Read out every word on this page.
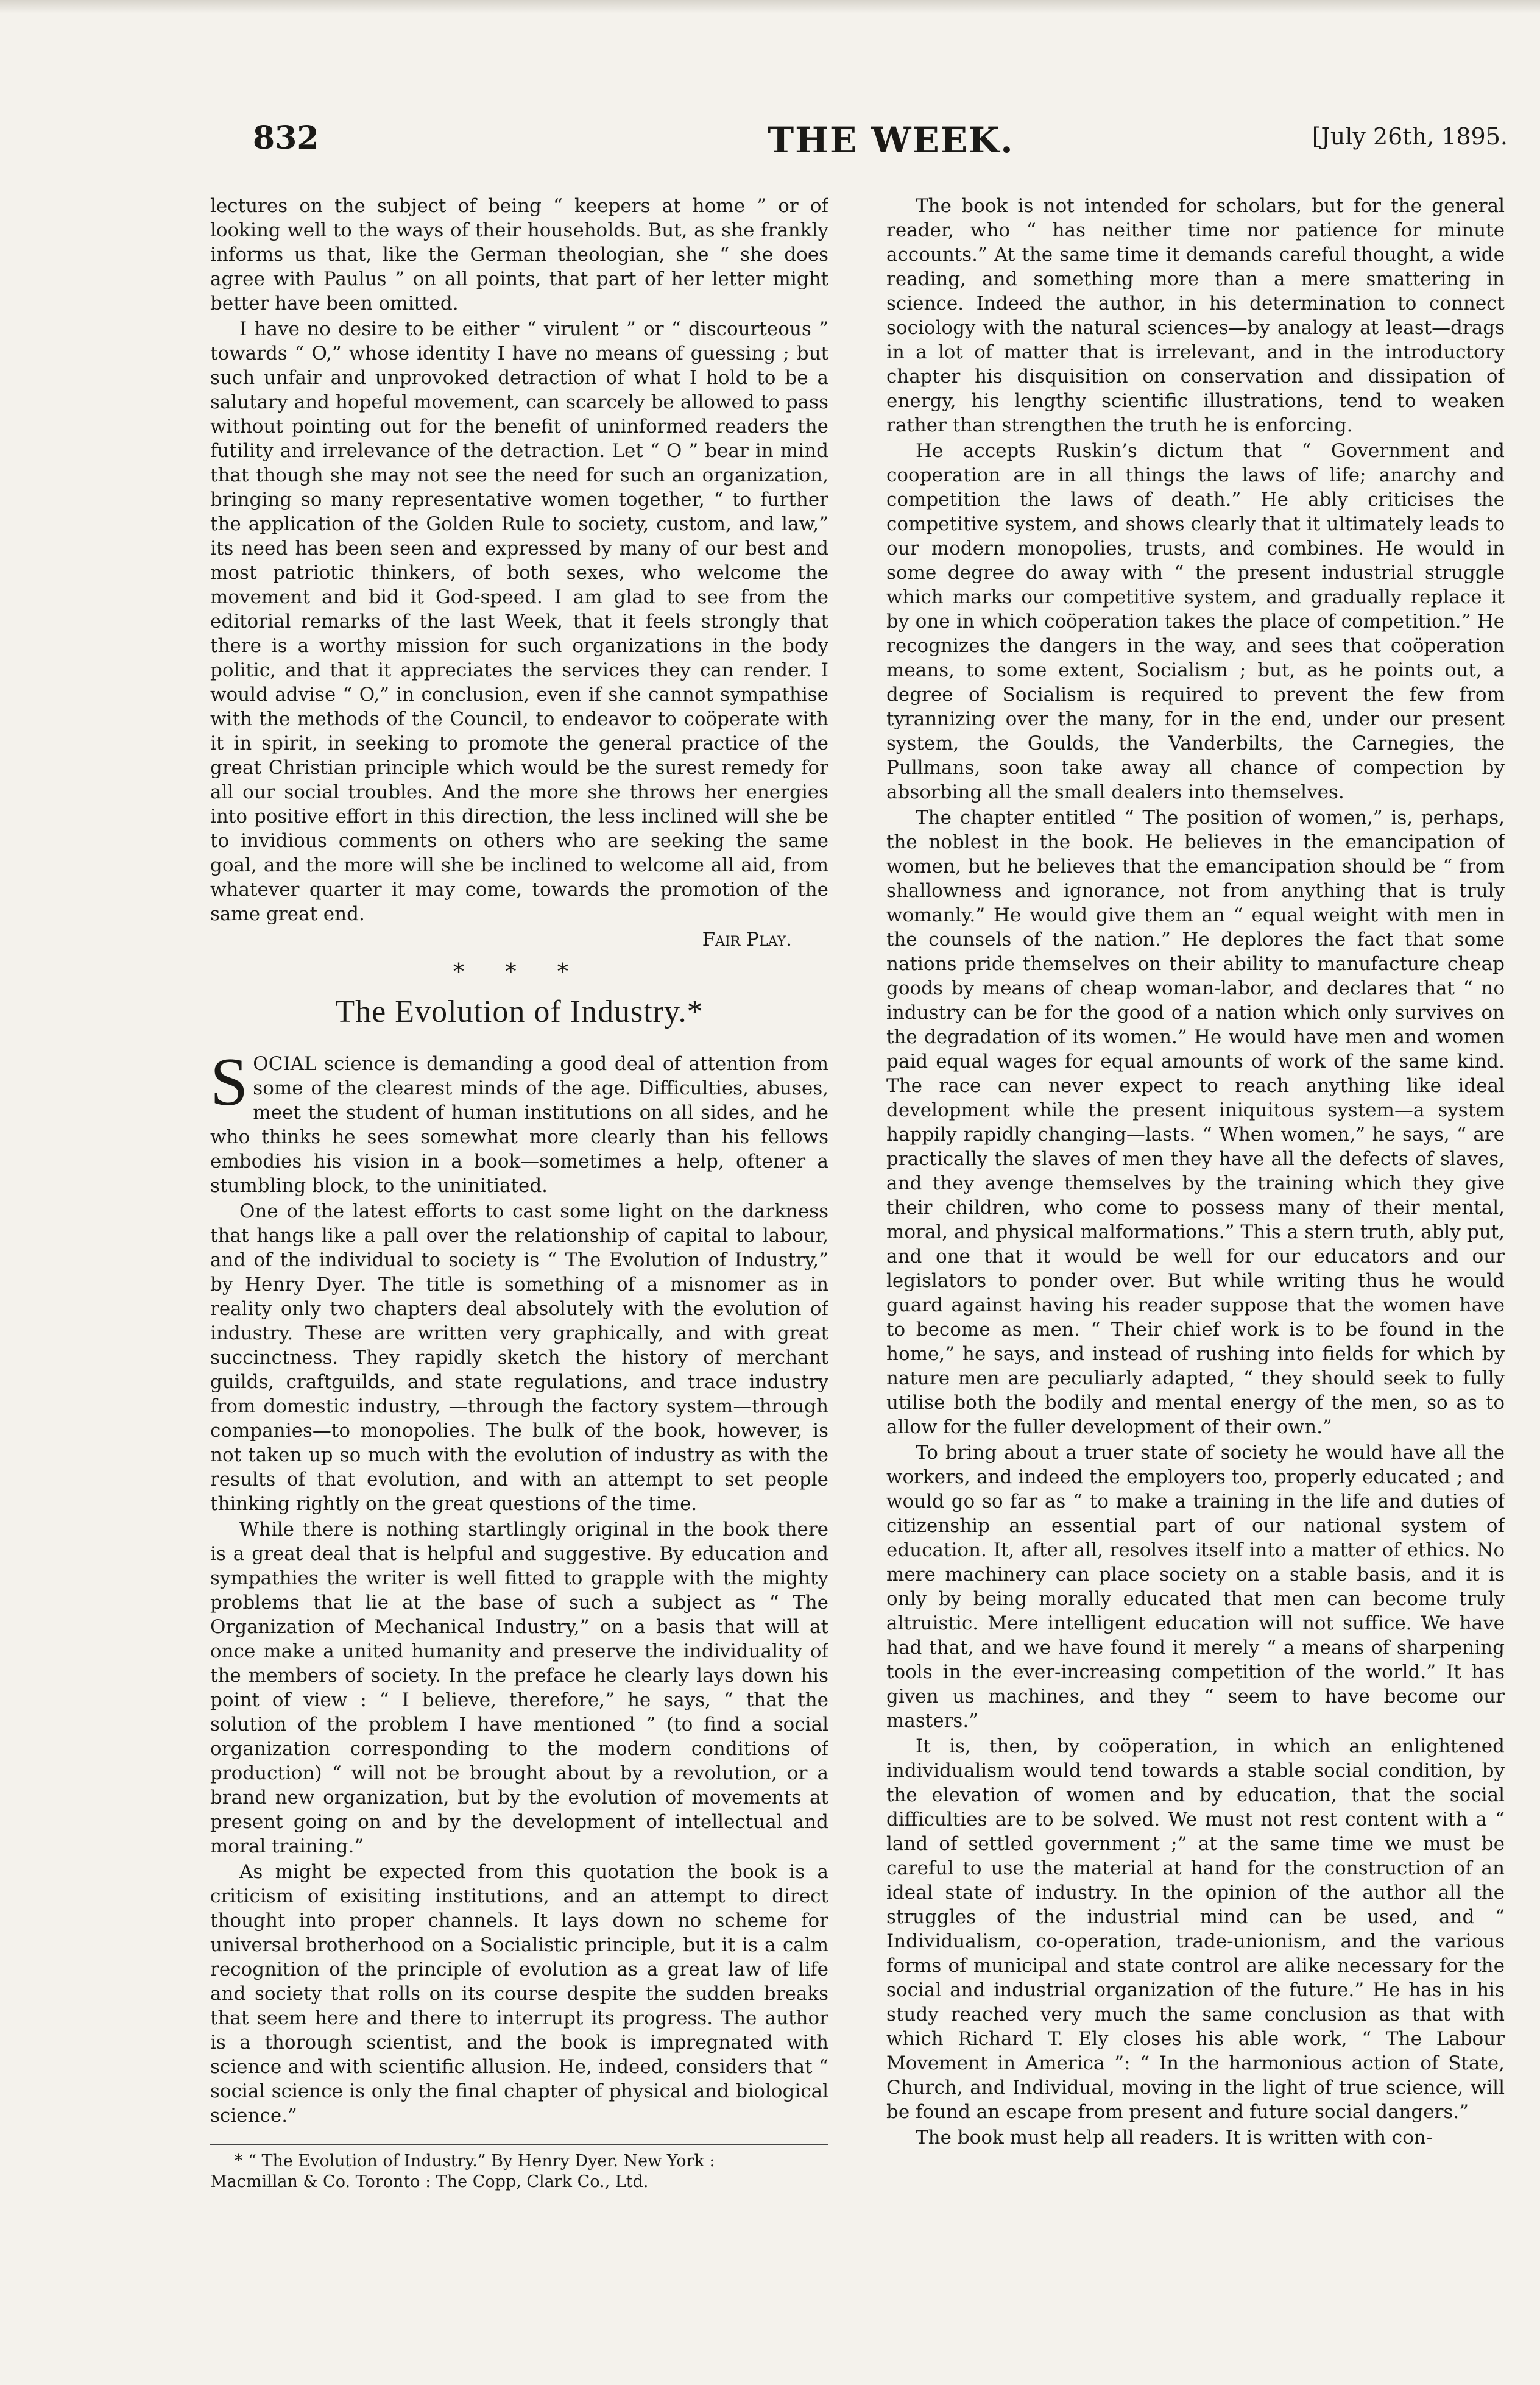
832	THE WEEK.	[July 26th, 1895.

lectures on the subject of being “ keepers at home ” or of looking well to the ways of their households. But, as she frankly informs us that, like the German theologian, she “ she does agree with Paulus ” on all points, that part of her letter might better have been omitted.

I have no desire to be either “ virulent ” or “ discourteous ” towards “ O,” whose identity I have no means of guessing ; but such unfair and unprovoked detraction of what I hold to be a salutary and hopeful movement, can scarcely be allowed to pass without pointing out for the benefit of uninformed readers the futility and irrelevance of the detraction. Let “ O ” bear in mind that though she may not see the need for such an organization, bringing so many representative women together, “ to further the application of the Golden Rule to society, custom, and law,” its need has been seen and expressed by many of our best and most patriotic thinkers, of both sexes, who welcome the movement and bid it God-speed. I am glad to see from the editorial remarks of the last Week, that it feels strongly that there is a worthy mission for such organizations in the body politic, and that it appreciates the services they can render. I would advise “ O,” in conclusion, even if she cannot sympathise with the methods of the Council, to endeavor to coöperate with it in spirit, in seeking to promote the general practice of the great Christian principle which would be the surest remedy for all our social troubles. And the more she throws her energies into positive effort in this direction, the less inclined will she be to invidious comments on others who are seeking the same goal, and the more will she be inclined to welcome all aid, from whatever quarter it may come, towards the promotion of the same great end.

Fair Play.
* * *
The Evolution of Industry.*

SOCIAL science is demanding a good deal of attention from some of the clearest minds of the age. Difficulties, abuses, meet the student of human institutions on all sides, and he who thinks he sees somewhat more clearly than his fellows embodies his vision in a book—sometimes a help, oftener a stumbling block, to the uninitiated.

One of the latest efforts to cast some light on the darkness that hangs like a pall over the relationship of capital to labour, and of the individual to society is “ The Evolution of Industry,” by Henry Dyer. The title is something of a misnomer as in reality only two chapters deal absolutely with the evolution of industry. These are written very graphically, and with great succinctness. They rapidly sketch the history of merchant guilds, craftguilds, and state regulations, and trace industry from domestic industry, —through the factory system—through companies—to monopolies. The bulk of the book, however, is not taken up so much with the evolution of industry as with the results of that evolution, and with an attempt to set people thinking rightly on the great questions of the time.

While there is nothing startlingly original in the book there is a great deal that is helpful and suggestive. By education and sympathies the writer is well fitted to grapple with the mighty problems that lie at the base of such a subject as “ The Organization of Mechanical Industry,” on a basis that will at once make a united humanity and preserve the individuality of the members of society. In the preface he clearly lays down his point of view : “ I believe, therefore,” he says, “ that the solution of the problem I have mentioned ” (to find a social organization corresponding to the modern conditions of production) “ will not be brought about by a revolution, or a brand new organization, but by the evolution of movements at present going on and by the development of intellectual and moral training.”

As might be expected from this quotation the book is a criticism of exisiting institutions, and an attempt to direct thought into proper channels. It lays down no scheme for universal brotherhood on a Socialistic principle, but it is a calm recognition of the principle of evolution as a great law of life and society that rolls on its course despite the sudden breaks that seem here and there to interrupt its progress. The author is a thorough scientist, and the book is impregnated with science and with scientific allusion. He, indeed, considers that “ social science is only the final chapter of physical and biological science.”

* “ The Evolution of Industry.” By Henry Dyer. New York :
Macmillan & Co. Toronto : The Copp, Clark Co., Ltd.

The book is not intended for scholars, but for the general reader, who “ has neither time nor patience for minute accounts.” At the same time it demands careful thought, a wide reading, and something more than a mere smattering in science. Indeed the author, in his determination to connect sociology with the natural sciences—by analogy at least—drags in a lot of matter that is irrelevant, and in the introductory chapter his disquisition on conservation and dissipation of energy, his lengthy scientific illustrations, tend to weaken rather than strengthen the truth he is enforcing.

He accepts Ruskin’s dictum that “ Government and cooperation are in all things the laws of life; anarchy and competition the laws of death.” He ably criticises the competitive system, and shows clearly that it ultimately leads to our modern monopolies, trusts, and combines. He would in some degree do away with “ the present industrial struggle which marks our competitive system, and gradually replace it by one in which coöperation takes the place of competition.” He recognizes the dangers in the way, and sees that coöperation means, to some extent, Socialism ; but, as he points out, a degree of Socialism is required to prevent the few from tyrannizing over the many, for in the end, under our present system, the Goulds, the Vanderbilts, the Carnegies, the Pullmans, soon take away all chance of compection by absorbing all the small dealers into themselves.

The chapter entitled “ The position of women,” is, perhaps, the noblest in the book. He believes in the emancipation of women, but he believes that the emancipation should be “ from shallowness and ignorance, not from anything that is truly womanly.” He would give them an “ equal weight with men in the counsels of the nation.” He deplores the fact that some nations pride themselves on their ability to manufacture cheap goods by means of cheap woman-labor, and declares that “ no industry can be for the good of a nation which only survives on the degradation of its women.” He would have men and women paid equal wages for equal amounts of work of the same kind. The race can never expect to reach anything like ideal development while the present iniquitous system—a system happily rapidly changing—lasts. “ When women,” he says, “ are practically the slaves of men they have all the defects of slaves, and they avenge themselves by the training which they give their children, who come to possess many of their mental, moral, and physical malformations.” This a stern truth, ably put, and one that it would be well for our educators and our legislators to ponder over. But while writing thus he would guard against having his reader suppose that the women have to become as men. “ Their chief work is to be found in the home,” he says, and instead of rushing into fields for which by nature men are peculiarly adapted, “ they should seek to fully utilise both the bodily and mental energy of the men, so as to allow for the fuller development of their own.”

To bring about a truer state of society he would have all the workers, and indeed the employers too, properly educated ; and would go so far as “ to make a training in the life and duties of citizenship an essential part of our national system of education. It, after all, resolves itself into a matter of ethics. No mere machinery can place society on a stable basis, and it is only by being morally educated that men can become truly altruistic. Mere intelligent education will not suffice. We have had that, and we have found it merely “ a means of sharpening tools in the ever-increasing competition of the world.” It has given us machines, and they “ seem to have become our masters.”

It is, then, by coöperation, in which an enlightened individualism would tend towards a stable social condition, by the elevation of women and by education, that the social difficulties are to be solved. We must not rest content with a “ land of settled government ;” at the same time we must be careful to use the material at hand for the construction of an ideal state of industry. In the opinion of the author all the struggles of the industrial mind can be used, and “ Individualism, co-operation, trade-unionism, and the various forms of municipal and state control are alike necessary for the social and industrial organization of the future.” He has in his study reached very much the same conclusion as that with which Richard T. Ely closes his able work, “ The Labour Movement in America ”: “ In the harmonious action of State, Church, and Individual, moving in the light of true science, will be found an escape from present and future social dangers.”

The book must help all readers. It is written with con-
